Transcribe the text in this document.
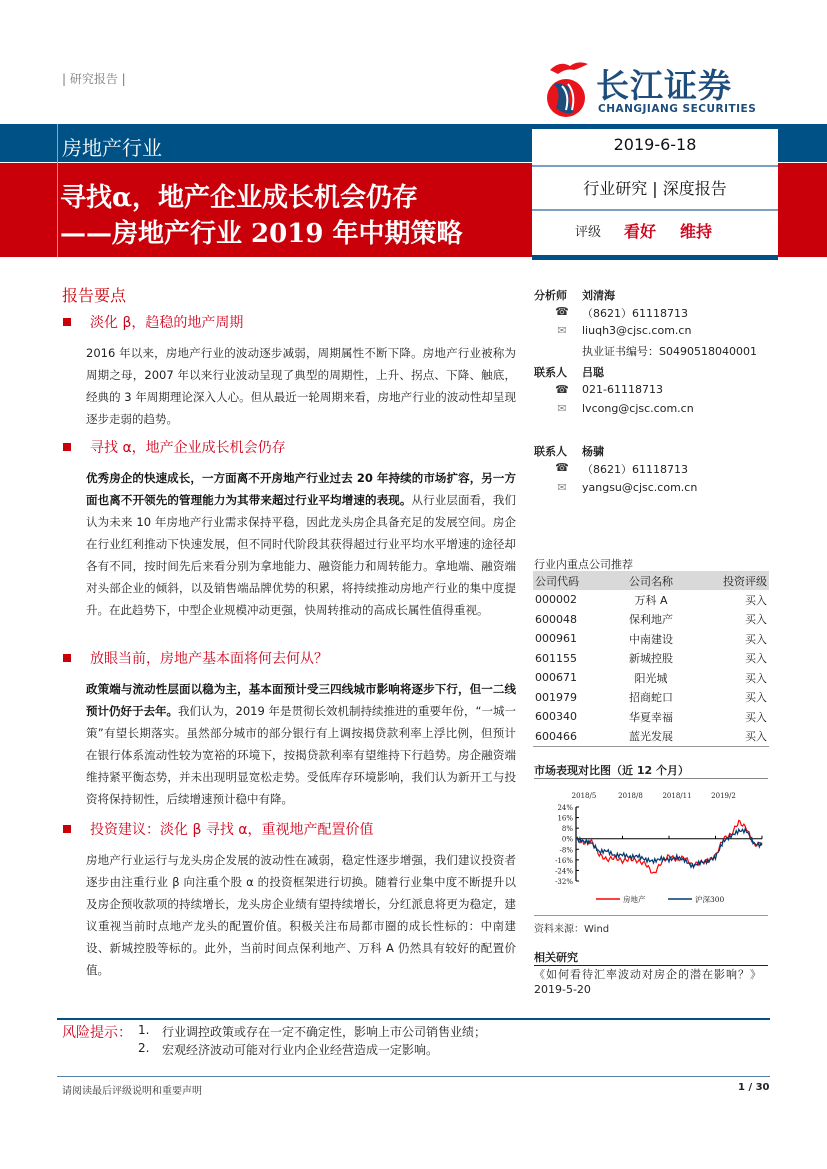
| 研究报告 |	长江证券
CHANGJIANG SECURITIES
房地产行业
寻找α，地产企业成长机会仍存
——房地产行业 2019 年中期策略
2019-6-18
行业研究 | 深度报告
评级 看好 维持
报告要点
淡化 β，趋稳的地产周期
2016 年以来，房地产行业的波动逐步减弱，周期属性不断下降。房地产行业被称为周期之母，2007 年以来行业波动呈现了典型的周期性，上升、拐点、下降、触底，经典的 3 年周期理论深入人心。但从最近一轮周期来看，房地产行业的波动性却呈现逐步走弱的趋势。
寻找 α，地产企业成长机会仍存
优秀房企的快速成长，一方面离不开房地产行业过去 20 年持续的市场扩容，另一方面也离不开领先的管理能力为其带来超过行业平均增速的表现。从行业层面看，我们认为未来 10 年房地产行业需求保持平稳，因此龙头房企具备充足的发展空间。房企在行业红利推动下快速发展，但不同时代阶段其获得超过行业平均水平增速的途径却各有不同，按时间先后来看分别为拿地能力、融资能力和周转能力。拿地端、融资端对头部企业的倾斜，以及销售端品牌优势的积累，将持续推动房地产行业的集中度提升。在此趋势下，中型企业规模冲动更强，快周转推动的高成长属性值得重视。
放眼当前，房地产基本面将何去何从？
政策端与流动性层面以稳为主，基本面预计受三四线城市影响将逐步下行，但一二线预计仍好于去年。我们认为，2019 年是贯彻长效机制持续推进的重要年份，“一城一策”有望长期落实。虽然部分城市的部分银行有上调按揭贷款利率上浮比例，但预计在银行体系流动性较为宽裕的环境下，按揭贷款利率有望维持下行趋势。房企融资端维持紧平衡态势，并未出现明显宽松走势。受低库存环境影响，我们认为新开工与投资将保持韧性，后续增速预计稳中有降。
投资建议：淡化 β 寻找 α，重视地产配置价值
房地产行业运行与龙头房企发展的波动性在减弱，稳定性逐步增强，我们建议投资者逐步由注重行业 β 向注重个股 α 的投资框架进行切换。随着行业集中度不断提升以及房企预收款项的持续增长，龙头房企业绩有望持续增长，分红派息将更为稳定，建议重视当前时点地产龙头的配置价值。积极关注布局都市圈的成长性标的：中南建设、新城控股等标的。此外，当前时间点保利地产、万科 A 仍然具有较好的配置价值。
分析师 刘清海
☎ （8621）61118713
✉ liuqh3@cjsc.com.cn
执业证书编号：S0490518040001
联系人 吕聪
☎ 021-61118713
✉ lvcong@cjsc.com.cn
联系人 杨骕
☎ （8621）61118713
✉ yangsu@cjsc.com.cn
行业内重点公司推荐
公司代码	公司名称	投资评级
000002	万科 A	买入
600048	保利地产	买入
000961	中南建设	买入
601155	新城控股	买入
000671	阳光城	买入
001979	招商蛇口	买入
600340	华夏幸福	买入
600466	蓝光发展	买入
市场表现对比图（近 12 个月）
24%
16%
8%
0%
-8%
-16%
-24%
-32%
2018/5	2018/8	2018/11	2019/2
房地产	沪深300
资料来源：Wind
相关研究
《如何看待汇率波动对房企的潜在影响？》
2019-5-20
风险提示： 1. 行业调控政策或存在一定不确定性，影响上市公司销售业绩；
2. 宏观经济波动可能对行业内企业经营造成一定影响。
请阅读最后评级说明和重要声明	1 / 30
